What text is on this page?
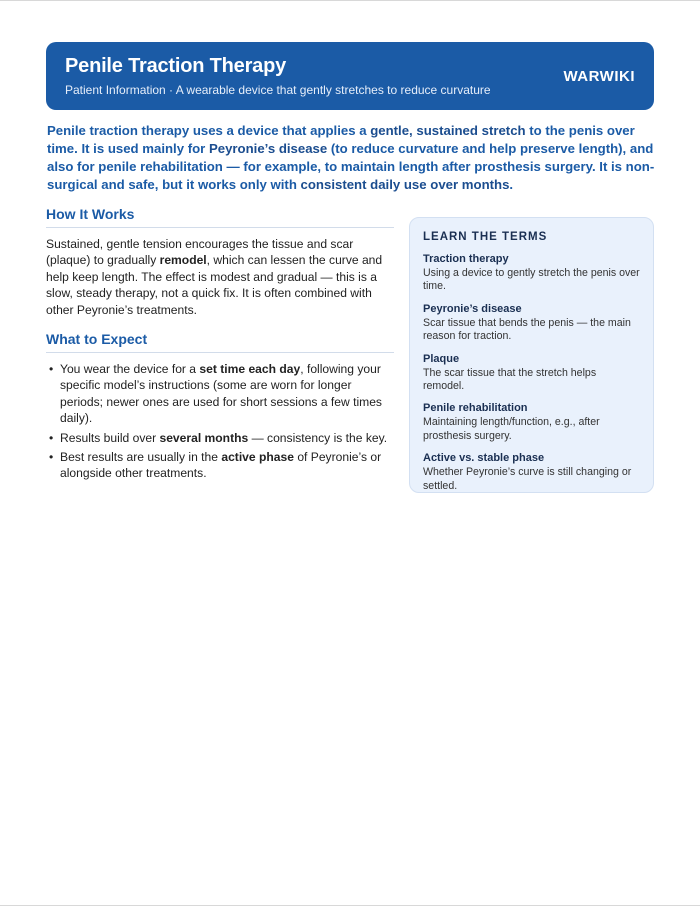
Penile Traction Therapy
Patient Information · A wearable device that gently stretches to reduce curvature
WARWIKI
Penile traction therapy uses a device that applies a gentle, sustained stretch to the penis over time. It is used mainly for Peyronie’s disease (to reduce curvature and help preserve length), and also for penile rehabilitation — for example, to maintain length after prosthesis surgery. It is non-surgical and safe, but it works only with consistent daily use over months.
How It Works

Sustained, gentle tension encourages the tissue and scar (plaque) to gradually remodel, which can lessen the curve and help keep length. The effect is modest and gradual — this is a slow, steady therapy, not a quick fix. It is often combined with other Peyronie’s treatments.

What to Expect
• You wear the device for a set time each day, following your specific model’s instructions (some are worn for longer periods; newer ones are used for short sessions a few times daily).
• Results build over several months — consistency is the key.
• Best results are usually in the active phase of Peyronie’s or alongside other treatments.
LEARN THE TERMS
Traction therapy
Using a device to gently stretch the penis over time.
Peyronie’s disease
Scar tissue that bends the penis — the main reason for traction.
Plaque
The scar tissue that the stretch helps remodel.
Penile rehabilitation
Maintaining length/function, e.g., after prosthesis surgery.
Active vs. stable phase
Whether Peyronie’s curve is still changing or settled.
